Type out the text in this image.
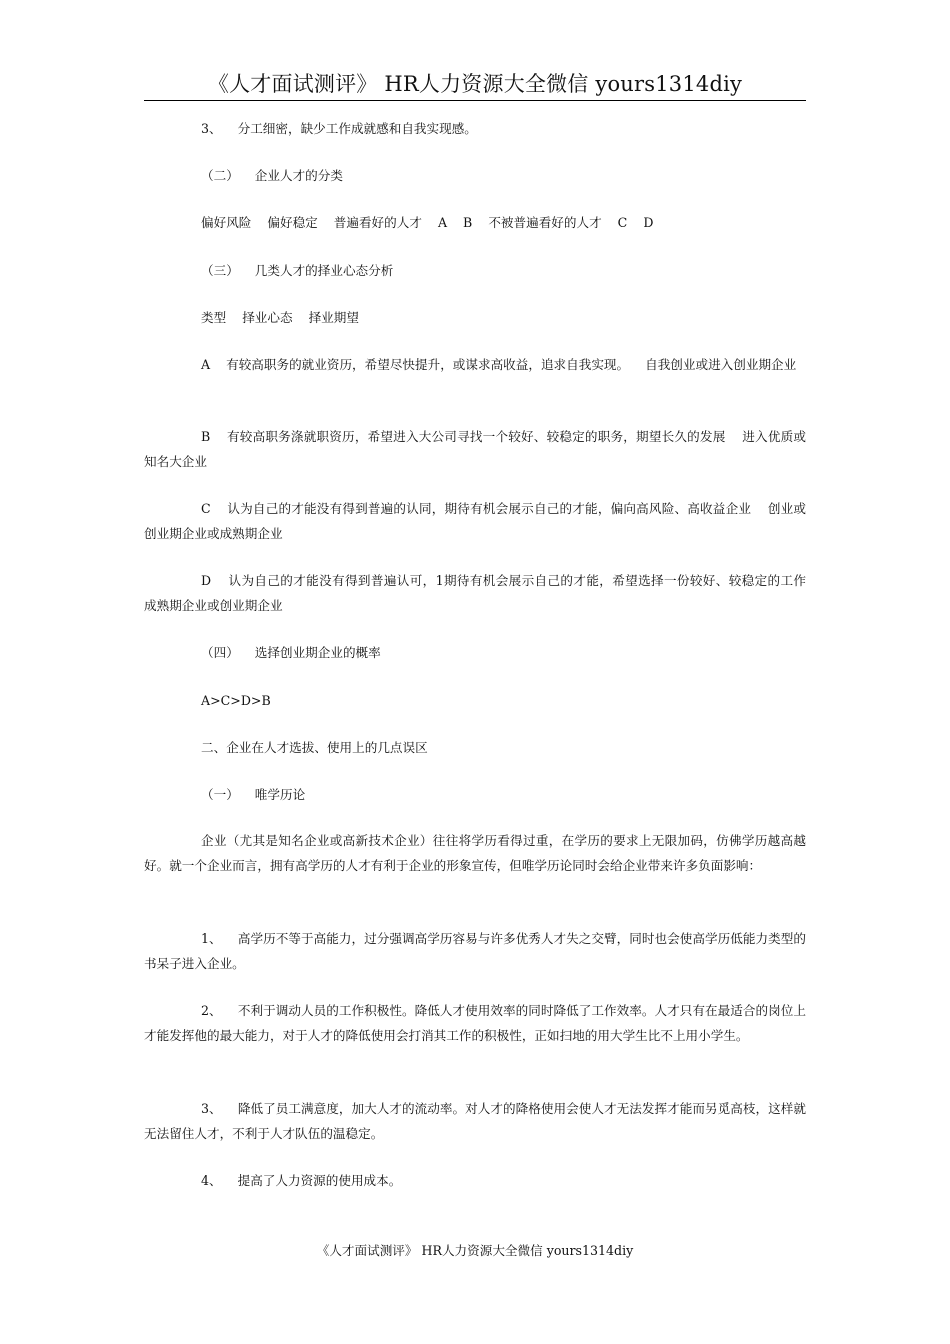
《人才面试测评》 HR人力资源大全微信 yours1314diy
3、    分工细密，缺少工作成就感和自我实现感。
（二）    企业人才的分类
偏好风险    偏好稳定    普遍看好的人才    A    B    不被普遍看好的人才    C    D
（三）    几类人才的择业心态分析
类型    择业心态    择业期望
A    有较高职务的就业资历，希望尽快提升，或谋求高收益，追求自我实现。    自我创业或进入创业期企业
B    有较高职务涤就职资历，希望进入大公司寻找一个较好、较稳定的职务，期望长久的发展    进入优质或知名大企业
C    认为自己的才能没有得到普遍的认同，期待有机会展示自己的才能，偏向高风险、高收益企业    创业或创业期企业或成熟期企业
D    认为自己的才能没有得到普遍认可，1期待有机会展示自己的才能，希望选择一份较好、较稳定的工作    成熟期企业或创业期企业
（四）    选择创业期企业的概率
A>C>D>B
二、企业在人才选拔、使用上的几点误区
（一）    唯学历论
企业（尤其是知名企业或高新技术企业）往往将学历看得过重，在学历的要求上无限加码，仿佛学历越高越好。就一个企业而言，拥有高学历的人才有利于企业的形象宣传，但唯学历论同时会给企业带来许多负面影响：
1、    高学历不等于高能力，过分强调高学历容易与许多优秀人才失之交臂，同时也会使高学历低能力类型的书呆子进入企业。
2、    不利于调动人员的工作积极性。降低人才使用效率的同时降低了工作效率。人才只有在最适合的岗位上才能发挥他的最大能力，对于人才的降低使用会打消其工作的积极性，正如扫地的用大学生比不上用小学生。
3、    降低了员工满意度，加大人才的流动率。对人才的降格使用会使人才无法发挥才能而另觅高枝，这样就无法留住人才，不利于人才队伍的温稳定。
4、    提高了人力资源的使用成本。
《人才面试测评》 HR人力资源大全微信 yours1314diy
